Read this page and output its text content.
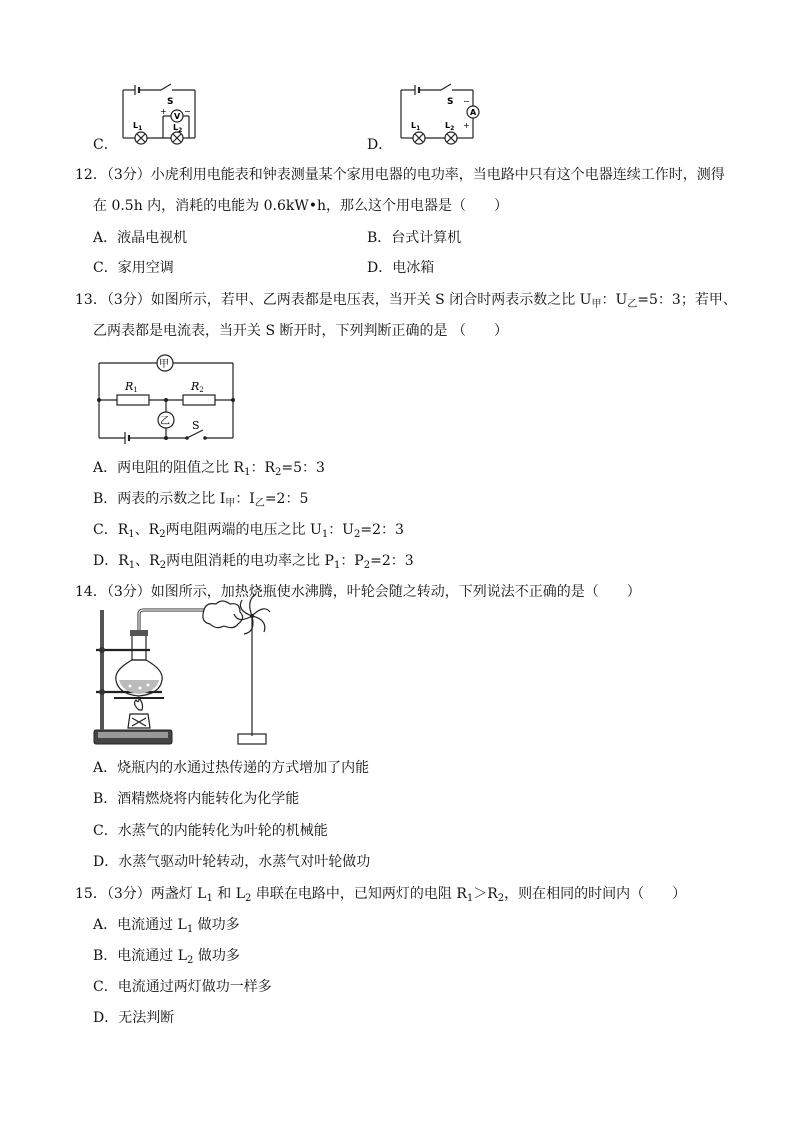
C．
S
V
+ −
$L_1$	$L_2$
D．
S
A
−
+
$L_1$	$L_2$
12．（3分）小虎利用电能表和钟表测量某个家用电器的电功率，当电路中只有这个电器连续工作时，测得
在 0.5h 内，消耗的电能为 0.6kW•h，那么这个用电器是（　　）
A．液晶电视机	B．台式计算机
C．家用空调	D．电冰箱
13．（3分）如图所示，若甲、乙两表都是电压表，当开关 S 闭合时两表示数之比 $U_甲$：$U_乙=5$：3；若甲、
乙两表都是电流表，当开关 S 断开时，下列判断正确的是 （　　）
甲
乙
R1	R2
S
A．两电阻的阻值之比 $R_1$：$R_2=5$：3
B．两表的示数之比 $I_甲$：$I_乙=2$：5
C．$R_1$、$R_2$两电阻两端的电压之比 $U_1$：$U_2=2$：3
D．$R_1$、$R_2$两电阻消耗的电功率之比 $P_1$：$P_2=2$：3
14．（3分）如图所示，加热烧瓶使水沸腾，叶轮会随之转动，下列说法不正确的是（　　）
A．烧瓶内的水通过热传递的方式增加了内能
B．酒精燃烧将内能转化为化学能
C．水蒸气的内能转化为叶轮的机械能
D．水蒸气驱动叶轮转动，水蒸气对叶轮做功
15．（3分）两盏灯 $L_1$ 和 $L_2$ 串联在电路中，已知两灯的电阻 $R_1>R_2$，则在相同的时间内（　　）
A．电流通过 $L_1$ 做功多
B．电流通过 $L_2$ 做功多
C．电流通过两灯做功一样多
D．无法判断
